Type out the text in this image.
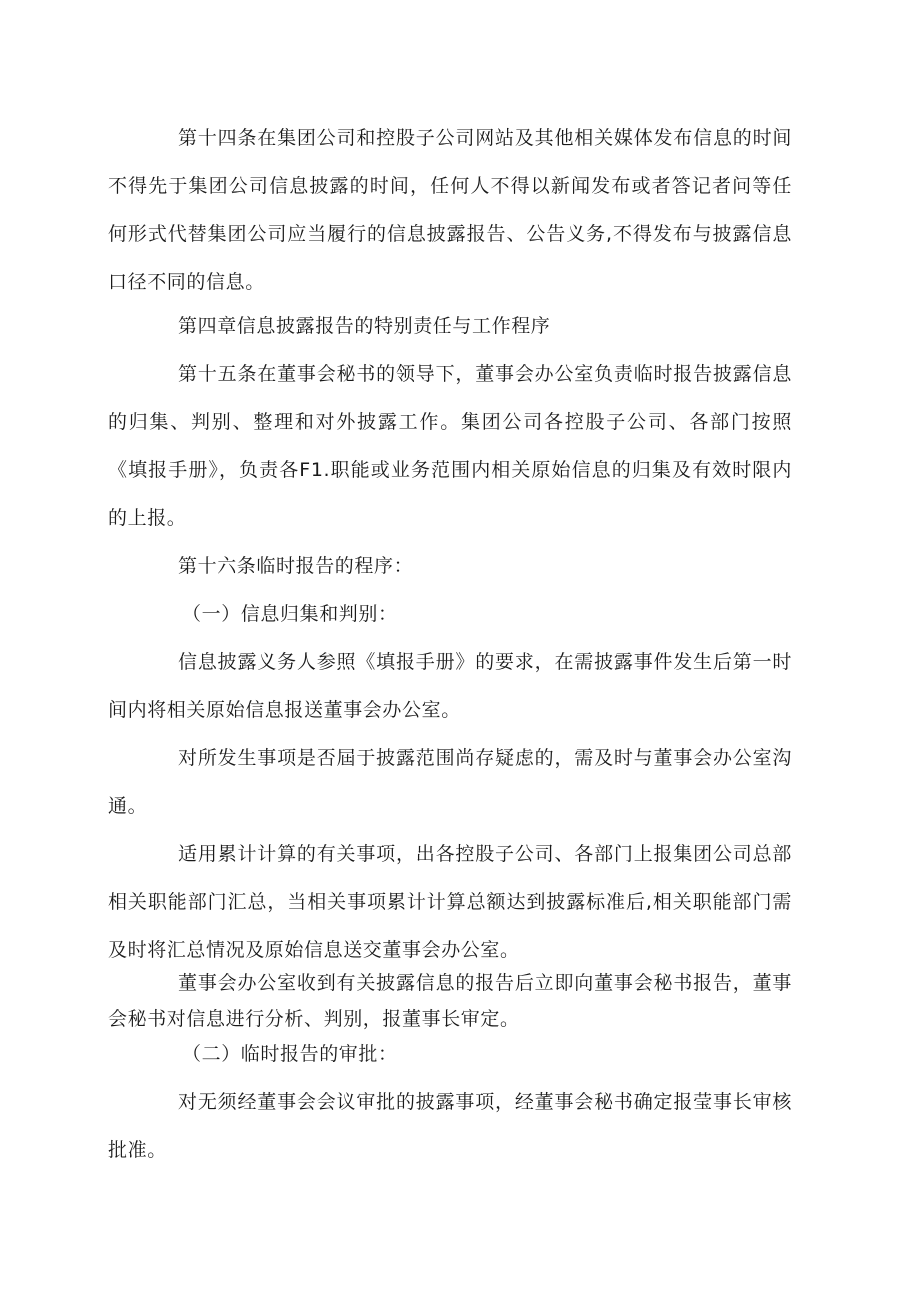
第十四条在集团公司和控股子公司网站及其他相关媒体发布信息的时间不得先于集团公司信息披露的时间，任何人不得以新闻发布或者答记者问等任何形式代替集团公司应当履行的信息披露报告、公告义务,不得发布与披露信息口径不同的信息。

第四章信息披露报告的特别责任与工作程序

第十五条在董事会秘书的领导下，董事会办公室负责临时报告披露信息的归集、判别、整理和对外披露工作。集团公司各控股子公司、各部门按照《填报手册》，负责各F1.职能或业务范围内相关原始信息的归集及有效时限内的上报。

第十六条临时报告的程序：

（一）信息归集和判别：

信息披露义务人参照《填报手册》的要求，在需披露事件发生后第一时间内将相关原始信息报送董事会办公室。

对所发生事项是否屆于披露范围尚存疑虑的，需及时与董事会办公室沟通。

适用累计计算的有关事项，出各控股子公司、各部门上报集团公司总部相关职能部门汇总，当相关事项累计计算总额达到披露标准后,相关职能部门需及时将汇总情况及原始信息送交董事会办公室。

董事会办公室收到有关披露信息的报告后立即向董事会秘书报告，董事会秘书对信息进行分析、判别，报董事长审定。

（二）临时报告的审批：

对无须经董事会会议审批的披露事项，经董事会秘书确定报莹事长审核批准。
